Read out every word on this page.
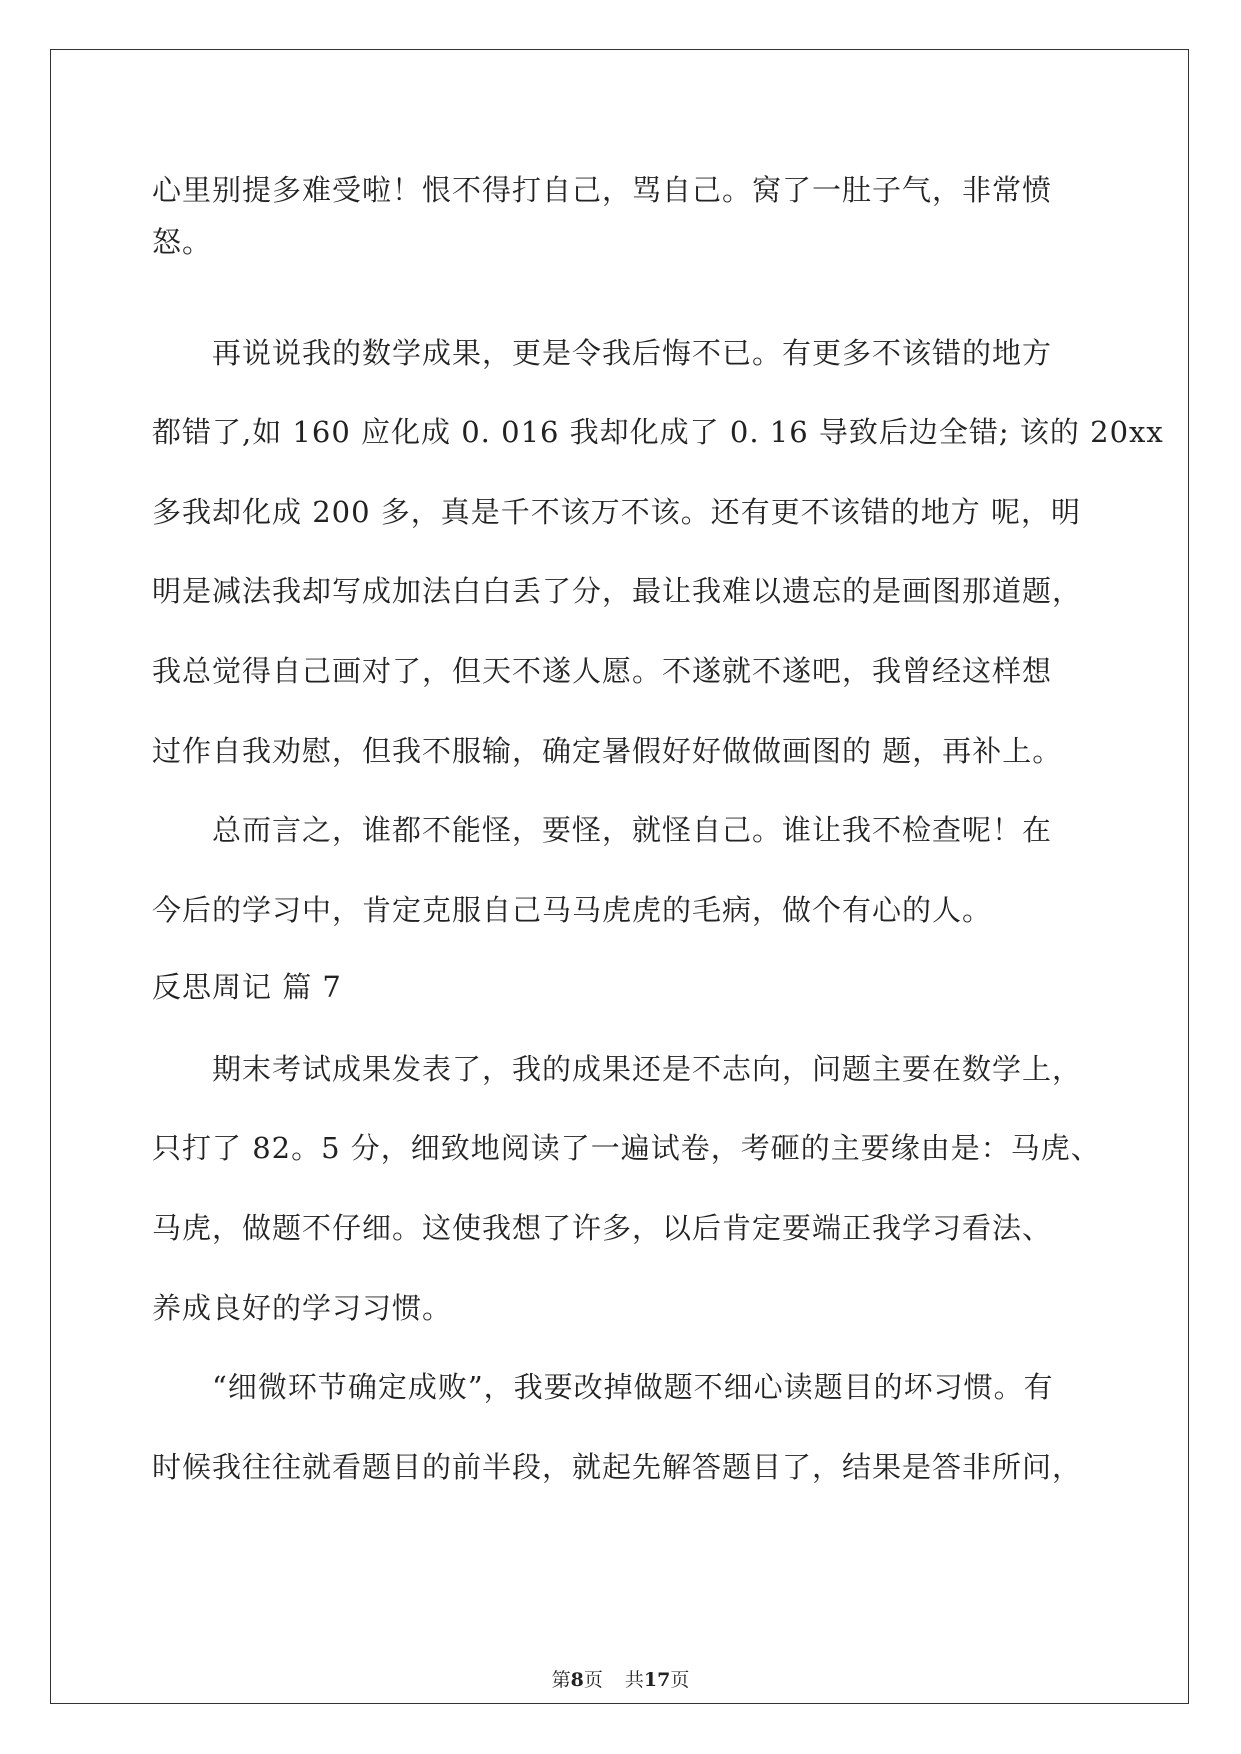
心里别提多难受啦！恨不得打自己，骂自己。窝了一肚子气，非常愤
怒。
再说说我的数学成果，更是令我后悔不已。有更多不该错的地方
都错了,如 160 应化成 0. 016 我却化成了 0. 16 导致后边全错; 该的 20xx
多我却化成 200 多，真是千不该万不该。还有更不该错的地方 呢，明
明是减法我却写成加法白白丢了分，最让我难以遗忘的是画图那道题，
我总觉得自己画对了，但天不遂人愿。不遂就不遂吧，我曾经这样想
过作自我劝慰，但我不服输，确定暑假好好做做画图的 题，再补上。
总而言之，谁都不能怪，要怪，就怪自己。谁让我不检查呢！在
今后的学习中，肯定克服自己马马虎虎的毛病，做个有心的人。
反思周记 篇 7
期末考试成果发表了，我的成果还是不志向，问题主要在数学上，
只打了 82。5 分，细致地阅读了一遍试卷，考砸的主要缘由是：马虎、
马虎，做题不仔细。这使我想了许多，以后肯定要端正我学习看法、
养成良好的学习习惯。
“细微环节确定成败”，我要改掉做题不细心读题目的坏习惯。有
时候我往往就看题目的前半段，就起先解答题目了，结果是答非所问，
第8页 共17页
